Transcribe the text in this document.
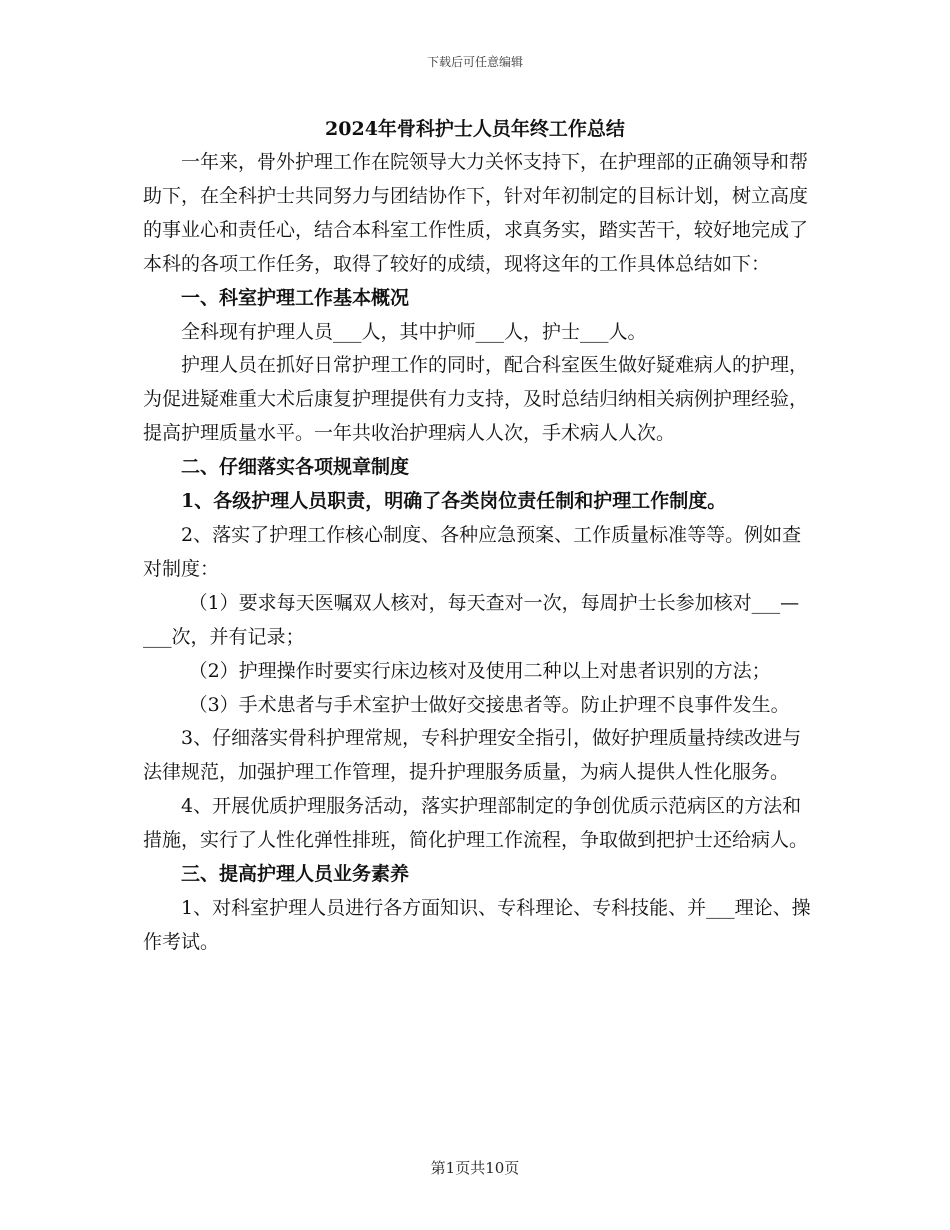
下载后可任意编辑
2024年骨科护士人员年终工作总结

一年来，骨外护理工作在院领导大力关怀支持下，在护理部的正确领导和帮助下，在全科护士共同努力与团结协作下，针对年初制定的目标计划，树立高度的事业心和责任心，结合本科室工作性质，求真务实，踏实苦干，较好地完成了本科的各项工作任务，取得了较好的成绩，现将这年的工作具体总结如下：

一、科室护理工作基本概况

全科现有护理人员___人，其中护师___人，护士___人。

护理人员在抓好日常护理工作的同时，配合科室医生做好疑难病人的护理，为促进疑难重大术后康复护理提供有力支持，及时总结归纳相关病例护理经验，提高护理质量水平。一年共收治护理病人人次，手术病人人次。

二、仔细落实各项规章制度

1、各级护理人员职责，明确了各类岗位责任制和护理工作制度。

2、落实了护理工作核心制度、各种应急预案、工作质量标准等等。例如查对制度：

（1）要求每天医嘱双人核对，每天查对一次，每周护士长参加核对___—___次，并有记录；

（2）护理操作时要实行床边核对及使用二种以上对患者识别的方法；

（3）手术患者与手术室护士做好交接患者等。防止护理不良事件发生。

3、仔细落实骨科护理常规，专科护理安全指引，做好护理质量持续改进与法律规范，加强护理工作管理，提升护理服务质量，为病人提供人性化服务。

4、开展优质护理服务活动，落实护理部制定的争创优质示范病区的方法和措施，实行了人性化弹性排班，简化护理工作流程，争取做到把护士还给病人。

三、提高护理人员业务素养

1、对科室护理人员进行各方面知识、专科理论、专科技能、并___理论、操作考试。

第1页共10页
